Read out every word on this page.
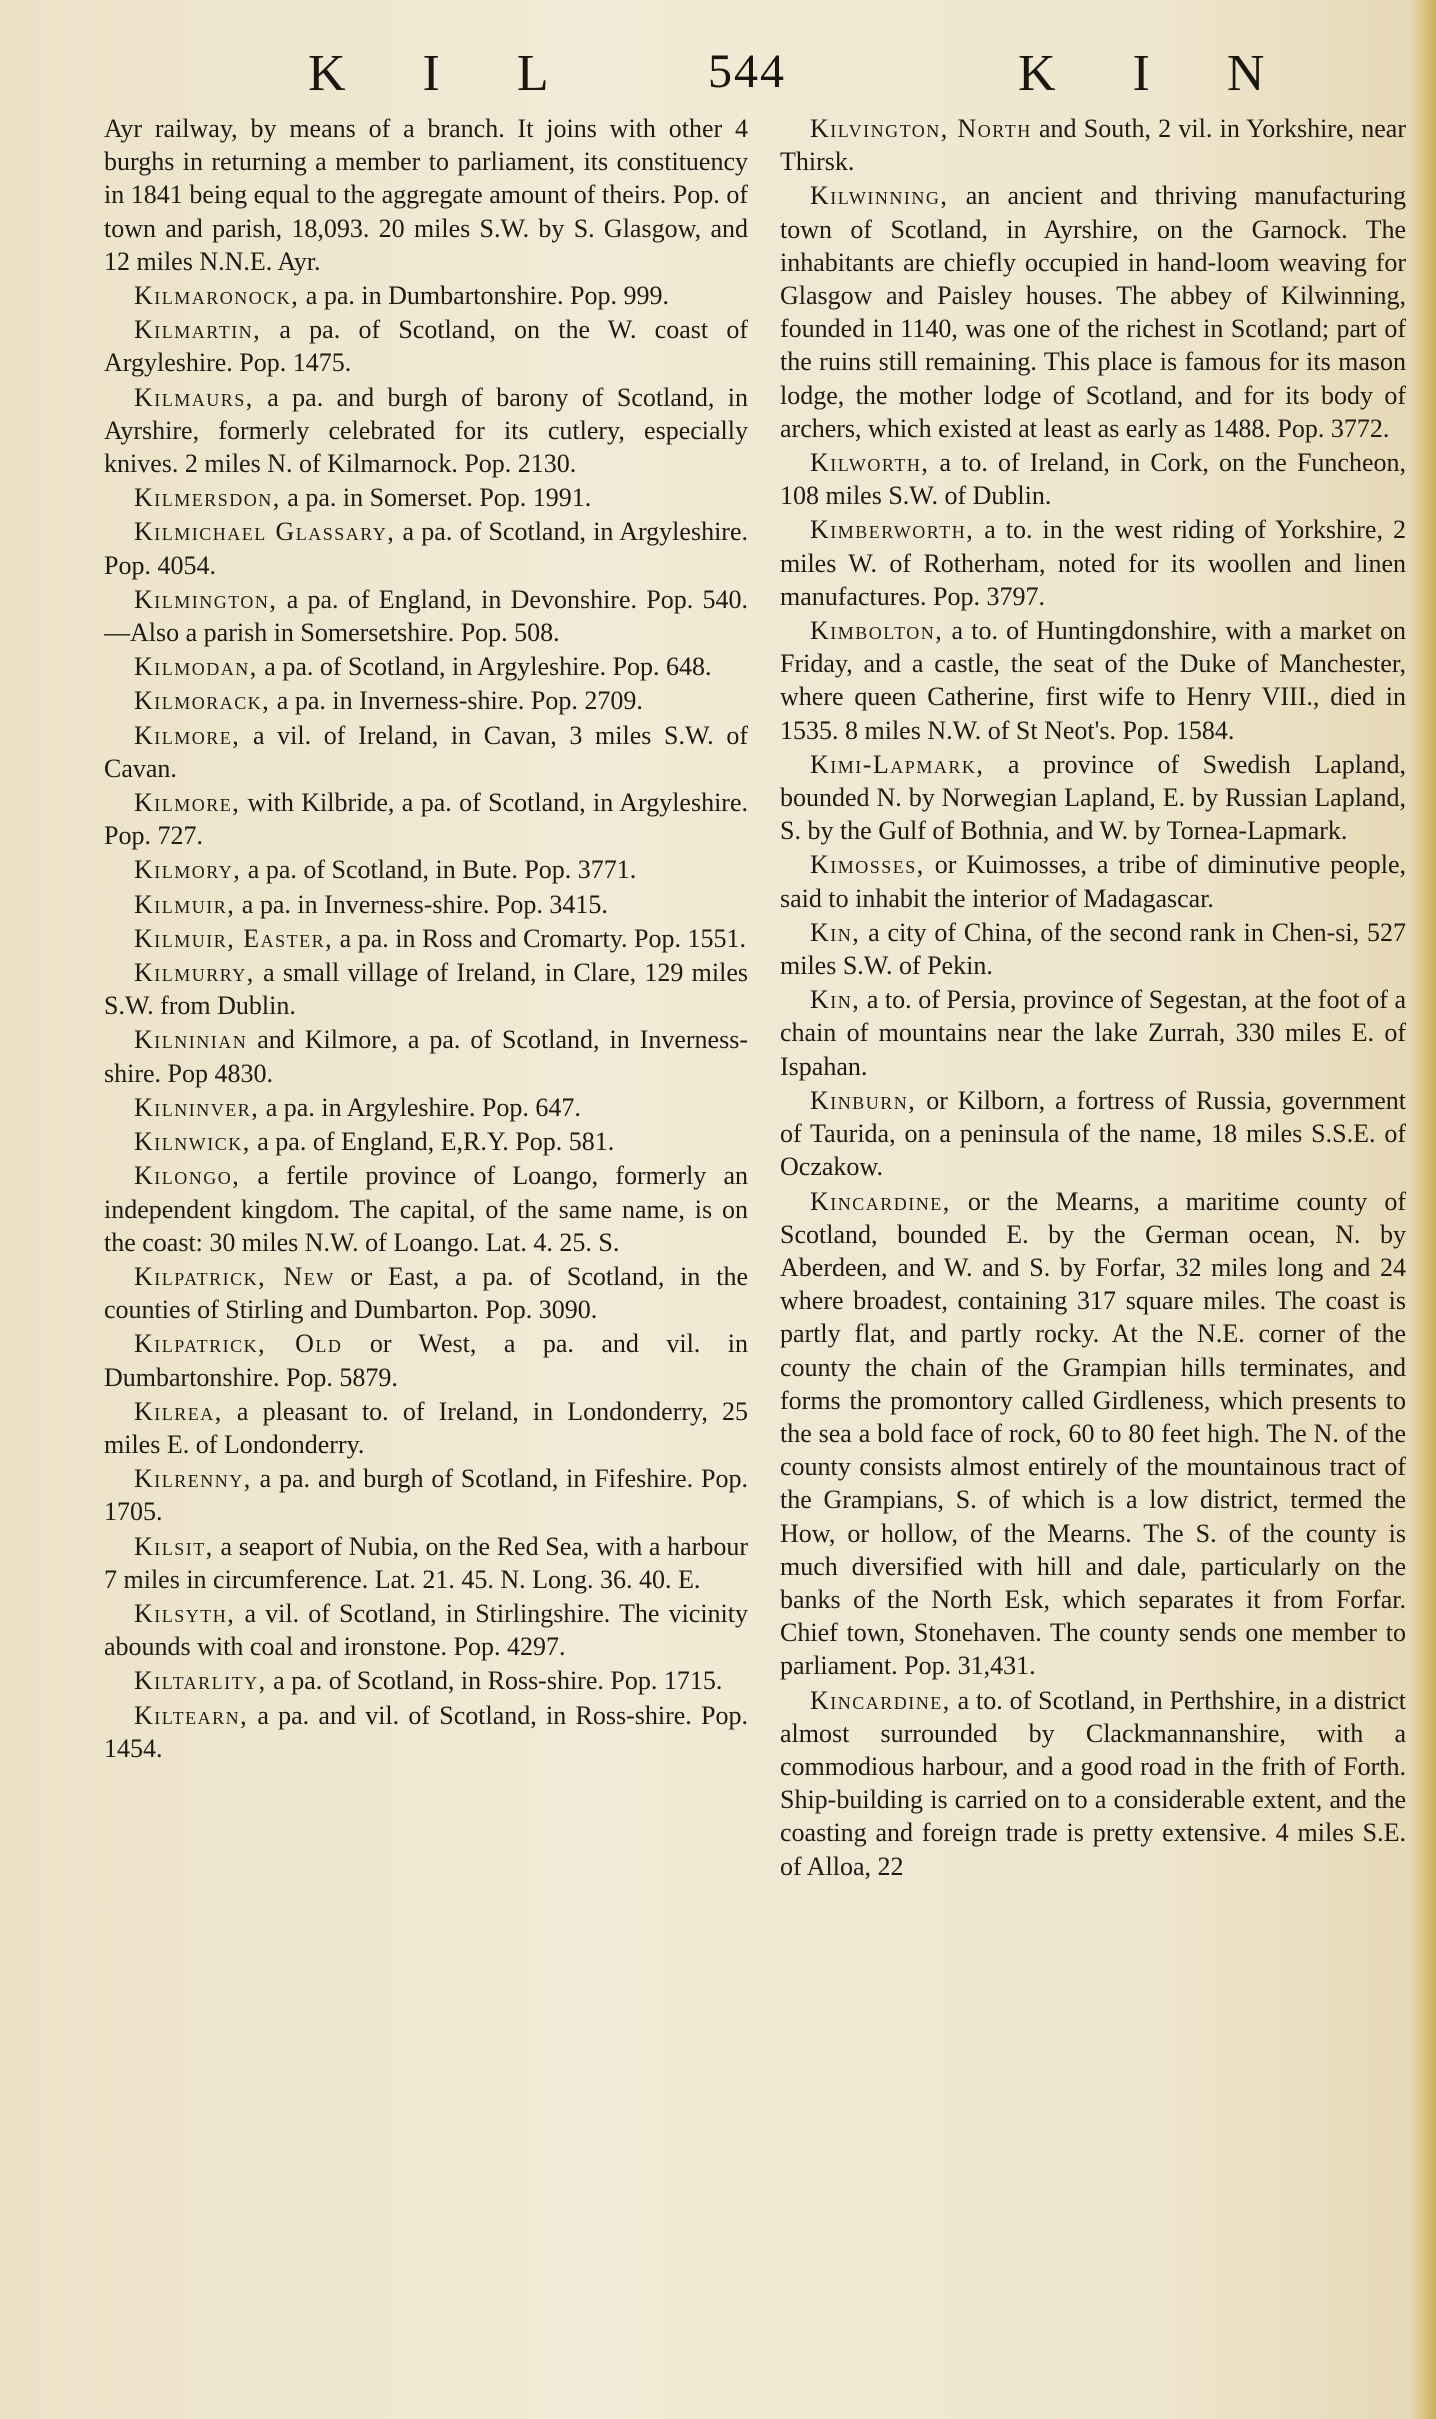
K I L	544	K I N

Ayr railway, by means of a branch. It joins with other 4 burghs in returning a member to parliament, its constituency in 1841 being equal to the aggregate amount of theirs. Pop. of town and parish, 18,093. 20 miles S.W. by S. Glasgow, and 12 miles N.N.E. Ayr.

Kilmaronock, a pa. in Dumbartonshire. Pop. 999.

Kilmartin, a pa. of Scotland, on the W. coast of Argyleshire. Pop. 1475.

Kilmaurs, a pa. and burgh of barony of Scotland, in Ayrshire, formerly celebrated for its cutlery, especially knives. 2 miles N. of Kilmarnock. Pop. 2130.

Kilmersdon, a pa. in Somerset. Pop. 1991.

Kilmichael Glassary, a pa. of Scotland, in Argyleshire. Pop. 4054.

Kilmington, a pa. of England, in Devonshire. Pop. 540.—Also a parish in Somersetshire. Pop. 508.

Kilmodan, a pa. of Scotland, in Argyleshire. Pop. 648.

Kilmorack, a pa. in Inverness-shire. Pop. 2709.

Kilmore, a vil. of Ireland, in Cavan, 3 miles S.W. of Cavan.

Kilmore, with Kilbride, a pa. of Scotland, in Argyleshire. Pop. 727.

Kilmory, a pa. of Scotland, in Bute. Pop. 3771.

Kilmuir, a pa. in Inverness-shire. Pop. 3415.

Kilmuir, Easter, a pa. in Ross and Cromarty. Pop. 1551.

Kilmurry, a small village of Ireland, in Clare, 129 miles S.W. from Dublin.

Kilninian and Kilmore, a pa. of Scotland, in Inverness-shire. Pop 4830.

Kilninver, a pa. in Argyleshire. Pop. 647.

Kilnwick, a pa. of England, E,R.Y. Pop. 581.

Kilongo, a fertile province of Loango, formerly an independent kingdom. The capital, of the same name, is on the coast: 30 miles N.W. of Loango. Lat. 4. 25. S.

Kilpatrick, New or East, a pa. of Scotland, in the counties of Stirling and Dumbarton. Pop. 3090.

Kilpatrick, Old or West, a pa. and vil. in Dumbartonshire. Pop. 5879.

Kilrea, a pleasant to. of Ireland, in Londonderry, 25 miles E. of Londonderry.

Kilrenny, a pa. and burgh of Scotland, in Fifeshire. Pop. 1705.

Kilsit, a seaport of Nubia, on the Red Sea, with a harbour 7 miles in circumference. Lat. 21. 45. N. Long. 36. 40. E.

Kilsyth, a vil. of Scotland, in Stirlingshire. The vicinity abounds with coal and ironstone. Pop. 4297.

Kiltarlity, a pa. of Scotland, in Ross-shire. Pop. 1715.

Kiltearn, a pa. and vil. of Scotland, in Ross-shire. Pop. 1454.

Kilvington, North and South, 2 vil. in Yorkshire, near Thirsk.

Kilwinning, an ancient and thriving manufacturing town of Scotland, in Ayrshire, on the Garnock. The inhabitants are chiefly occupied in hand-loom weaving for Glasgow and Paisley houses. The abbey of Kilwinning, founded in 1140, was one of the richest in Scotland; part of the ruins still remaining. This place is famous for its mason lodge, the mother lodge of Scotland, and for its body of archers, which existed at least as early as 1488. Pop. 3772.

Kilworth, a to. of Ireland, in Cork, on the Funcheon, 108 miles S.W. of Dublin.

Kimberworth, a to. in the west riding of Yorkshire, 2 miles W. of Rotherham, noted for its woollen and linen manufactures. Pop. 3797.

Kimbolton, a to. of Huntingdonshire, with a market on Friday, and a castle, the seat of the Duke of Manchester, where queen Catherine, first wife to Henry VIII., died in 1535. 8 miles N.W. of St Neot's. Pop. 1584.

Kimi-Lapmark, a province of Swedish Lapland, bounded N. by Norwegian Lapland, E. by Russian Lapland, S. by the Gulf of Bothnia, and W. by Tornea-Lapmark.

Kimosses, or Kuimosses, a tribe of diminutive people, said to inhabit the interior of Madagascar.

Kin, a city of China, of the second rank in Chen-si, 527 miles S.W. of Pekin.

Kin, a to. of Persia, province of Segestan, at the foot of a chain of mountains near the lake Zurrah, 330 miles E. of Ispahan.

Kinburn, or Kilborn, a fortress of Russia, government of Taurida, on a peninsula of the name, 18 miles S.S.E. of Oczakow.

Kincardine, or the Mearns, a maritime county of Scotland, bounded E. by the German ocean, N. by Aberdeen, and W. and S. by Forfar, 32 miles long and 24 where broadest, containing 317 square miles. The coast is partly flat, and partly rocky. At the N.E. corner of the county the chain of the Grampian hills terminates, and forms the promontory called Girdleness, which presents to the sea a bold face of rock, 60 to 80 feet high. The N. of the county consists almost entirely of the mountainous tract of the Grampians, S. of which is a low district, termed the How, or hollow, of the Mearns. The S. of the county is much diversified with hill and dale, particularly on the banks of the North Esk, which separates it from Forfar. Chief town, Stonehaven. The county sends one member to parliament. Pop. 31,431.

Kincardine, a to. of Scotland, in Perthshire, in a district almost surrounded by Clackmannanshire, with a commodious harbour, and a good road in the frith of Forth. Ship-building is carried on to a considerable extent, and the coasting and foreign trade is pretty extensive. 4 miles S.E. of Alloa, 22
